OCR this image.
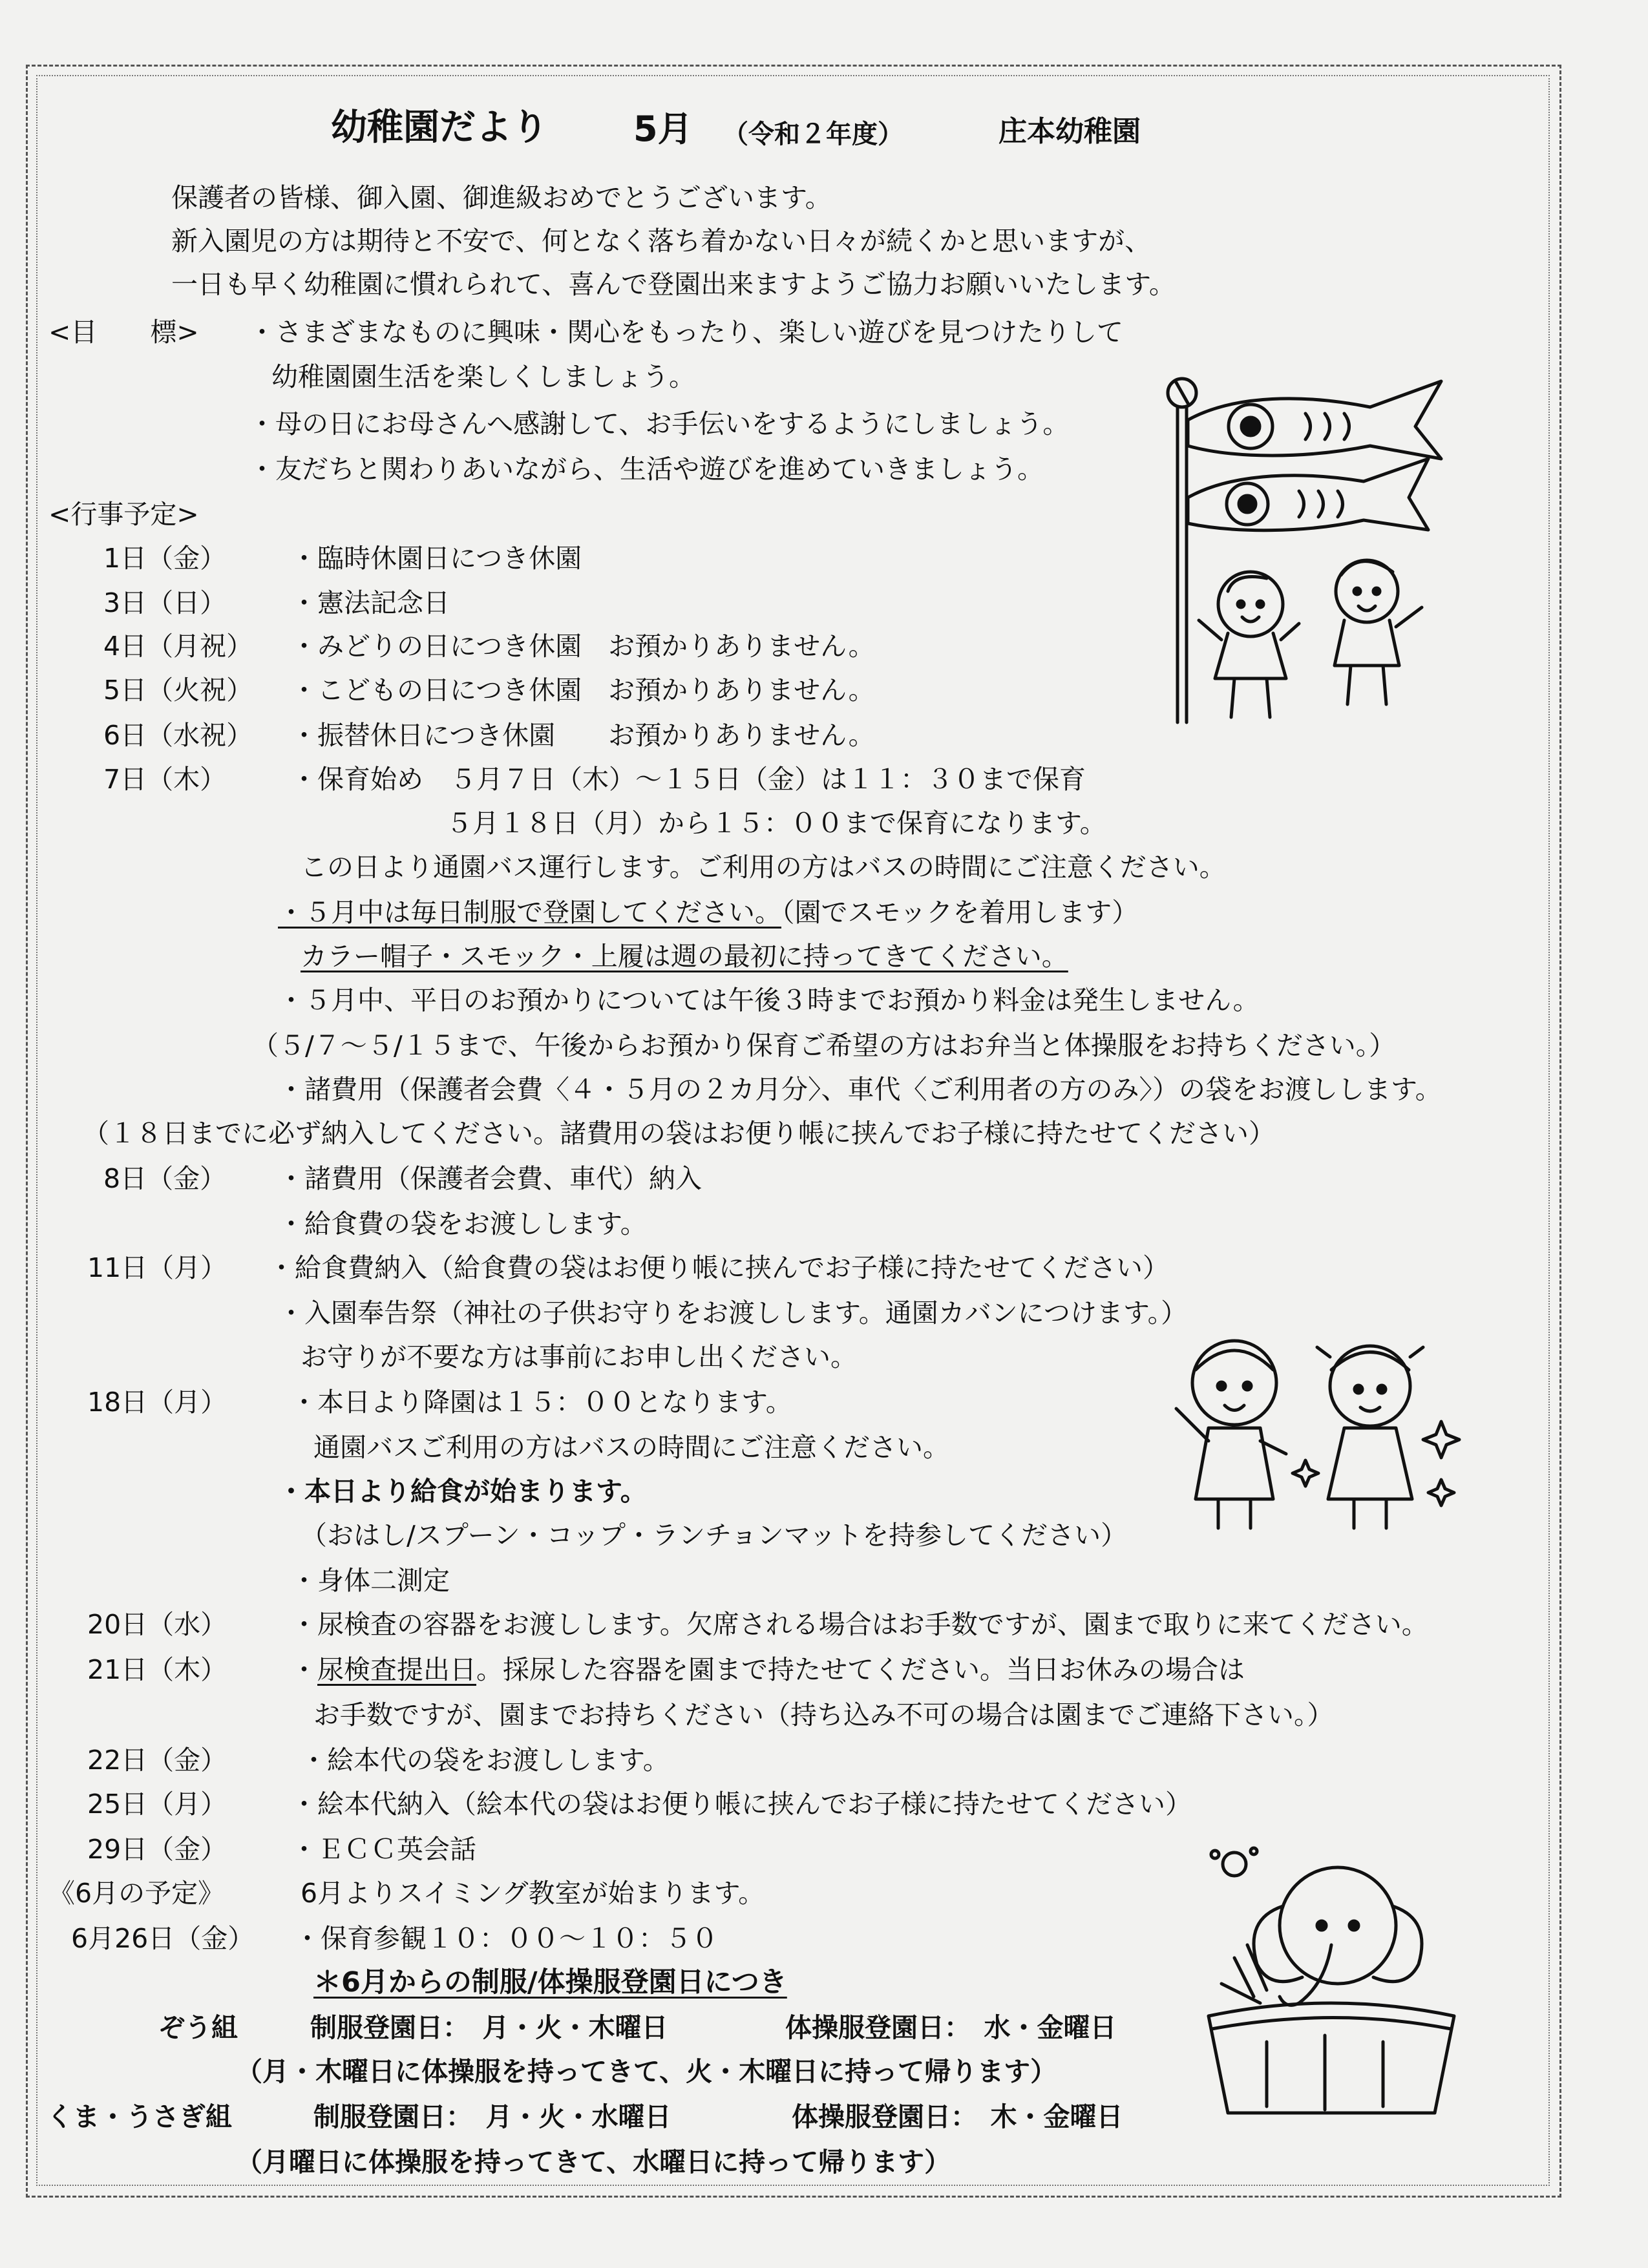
幼稚園だより 5月 （令和２年度）	庄本幼稚園
保護者の皆様、御入園、御進級おめでとうございます。
新入園児の方は期待と不安で、何となく落ち着かない日々が続くかと思いますが、
一日も早く幼稚園に慣れられて、喜んで登園出来ますようご協力お願いいたします。
<目　　標> ・さまざまなものに興味・関心をもったり、楽しい遊びを見つけたりして
幼稚園園生活を楽しくしましょう。
・母の日にお母さんへ感謝して、お手伝いをするようにしましょう。
・友だちと関わりあいながら、生活や遊びを進めていきましょう。
<行事予定>
1日（金） ・臨時休園日につき休園
3日（日） ・憲法記念日
4日（月祝） ・みどりの日につき休園　お預かりありません。
5日（火祝） ・こどもの日につき休園　お預かりありません。
6日（水祝） ・振替休日につき休園　　お預かりありません。
7日（木） ・保育始め　５月７日（木）～１５日（金）は１１：３０まで保育
５月１８日（月）から１５：００まで保育になります。
この日より通園バス運行します。ご利用の方はバスの時間にご注意ください。
・５月中は毎日制服で登園してください。（園でスモックを着用します）
カラー帽子・スモック・上履は週の最初に持ってきてください。
・５月中、平日のお預かりについては午後３時までお預かり料金は発生しません。
（５/７～５/１５まで、午後からお預かり保育ご希望の方はお弁当と体操服をお持ちください。）
・諸費用（保護者会費〈４・５月の２カ月分〉、車代〈ご利用者の方のみ〉）の袋をお渡しします。
（１８日までに必ず納入してください。諸費用の袋はお便り帳に挟んでお子様に持たせてください）
8日（金） ・諸費用（保護者会費、車代）納入
・給食費の袋をお渡しします。
11日（月） ・給食費納入（給食費の袋はお便り帳に挟んでお子様に持たせてください）
・入園奉告祭（神社の子供お守りをお渡しします。通園カバンにつけます。）
お守りが不要な方は事前にお申し出ください。
18日（月） ・本日より降園は１５：００となります。
通園バスご利用の方はバスの時間にご注意ください。
・本日より給食が始まります。
（おはし/スプーン・コップ・ランチョンマットを持参してください）
・身体二測定
20日（水） ・尿検査の容器をお渡しします。欠席される場合はお手数ですが、園まで取りに来てください。
21日（木） ・尿検査提出日。採尿した容器を園まで持たせてください。当日お休みの場合は
お手数ですが、園までお持ちください（持ち込み不可の場合は園までご連絡下さい。）
22日（金）	・絵本代の袋をお渡しします。
25日（月） ・絵本代納入（絵本代の袋はお便り帳に挟んでお子様に持たせてください）
29日（金） ・ＥＣＣ英会話
《6月の予定》	6月よりスイミング教室が始まります。
6月26日（金） ・保育参観１０：００～１０：５０
＊6月からの制服/体操服登園日につき
ぞう組	制服登園日：　月・火・木曜日	体操服登園日：　水・金曜日
（月・木曜日に体操服を持ってきて、火・木曜日に持って帰ります）
くま・うさぎ組	制服登園日：　月・火・水曜日	体操服登園日：　木・金曜日
（月曜日に体操服を持ってきて、水曜日に持って帰ります）
